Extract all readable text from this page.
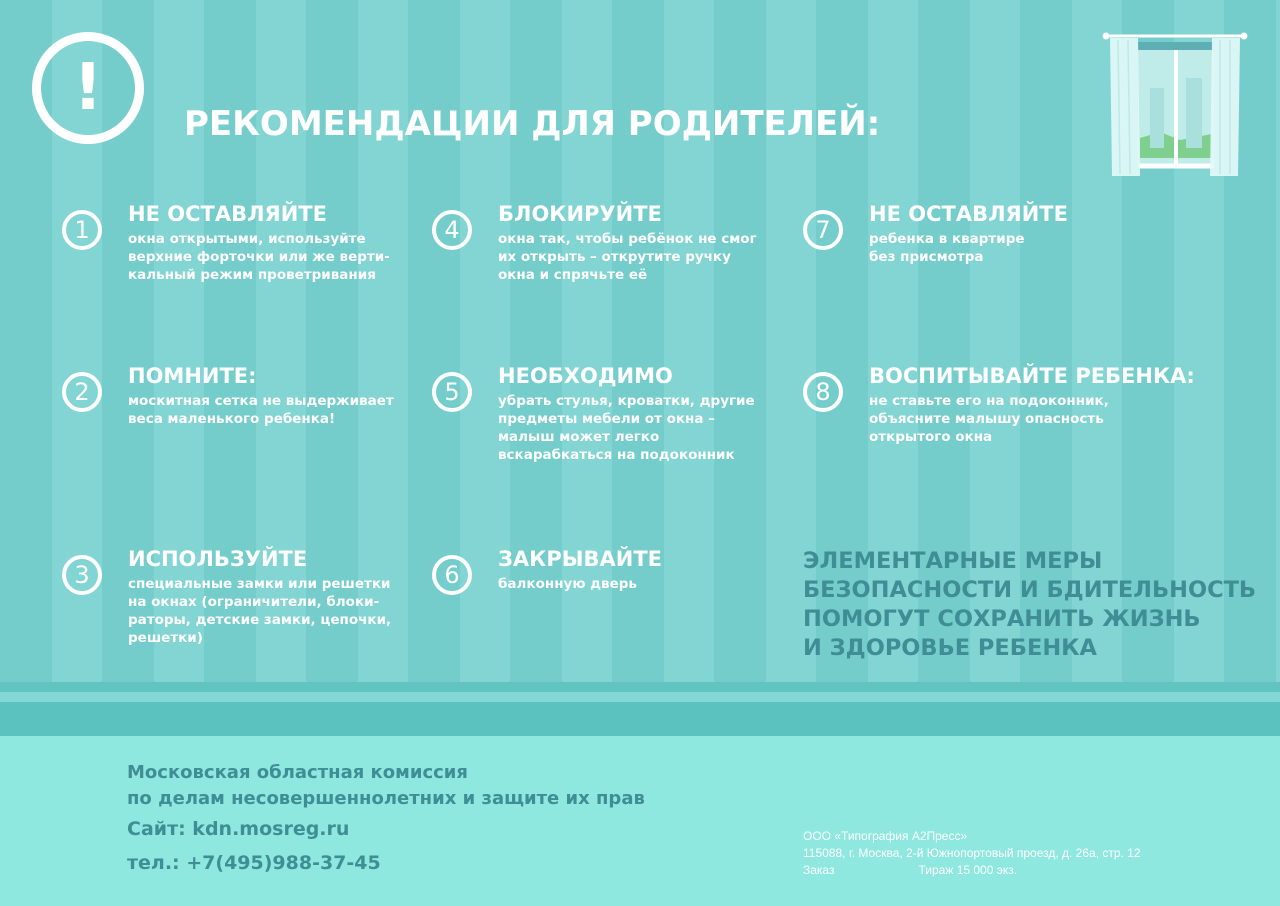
!	РЕКОМЕНДАЦИИ ДЛЯ РОДИТЕЛЕЙ:
1
НЕ ОСТАВЛЯЙТЕ
окна открытыми, используйте
верхние форточки или же верти-
кальный режим проветривания
2
ПОМНИТЕ:
москитная сетка не выдерживает
веса маленького ребенка!
3
ИСПОЛЬЗУЙТЕ
специальные замки или решетки
на окнах (ограничители, блоки-
раторы, детские замки, цепочки,
решетки)
4
БЛОКИРУЙТЕ
окна так, чтобы ребёнок не смог
их открыть – открутите ручку
окна и спрячьте её
5
НЕОБХОДИМО
убрать стулья, кроватки, другие
предметы мебели от окна –
малыш может легко
вскарабкаться на подоконник
6
ЗАКРЫВАЙТЕ
балконную дверь
7
НЕ ОСТАВЛЯЙТЕ
ребенка в квартире
без присмотра
8
ВОСПИТЫВАЙТЕ РЕБЕНКА:
не ставьте его на подоконник,
объясните малышу опасность
открытого окна
ЭЛЕМЕНТАРНЫЕ МЕРЫ
БЕЗОПАСНОСТИ И БДИТЕЛЬНОСТЬ
ПОМОГУТ СОХРАНИТЬ ЖИЗНЬ
И ЗДОРОВЬЕ РЕБЕНКА
Московская областная комиссия
по делам несовершеннолетних и защите их прав
Сайт: kdn.mosreg.ru
тел.: +7(495)988-37-45
ООО «Типография А2Пресс»
115088, г. Москва, 2-й Южнопортовый проезд, д. 26а, стр. 12
Заказ	Тираж 15 000 экз.
